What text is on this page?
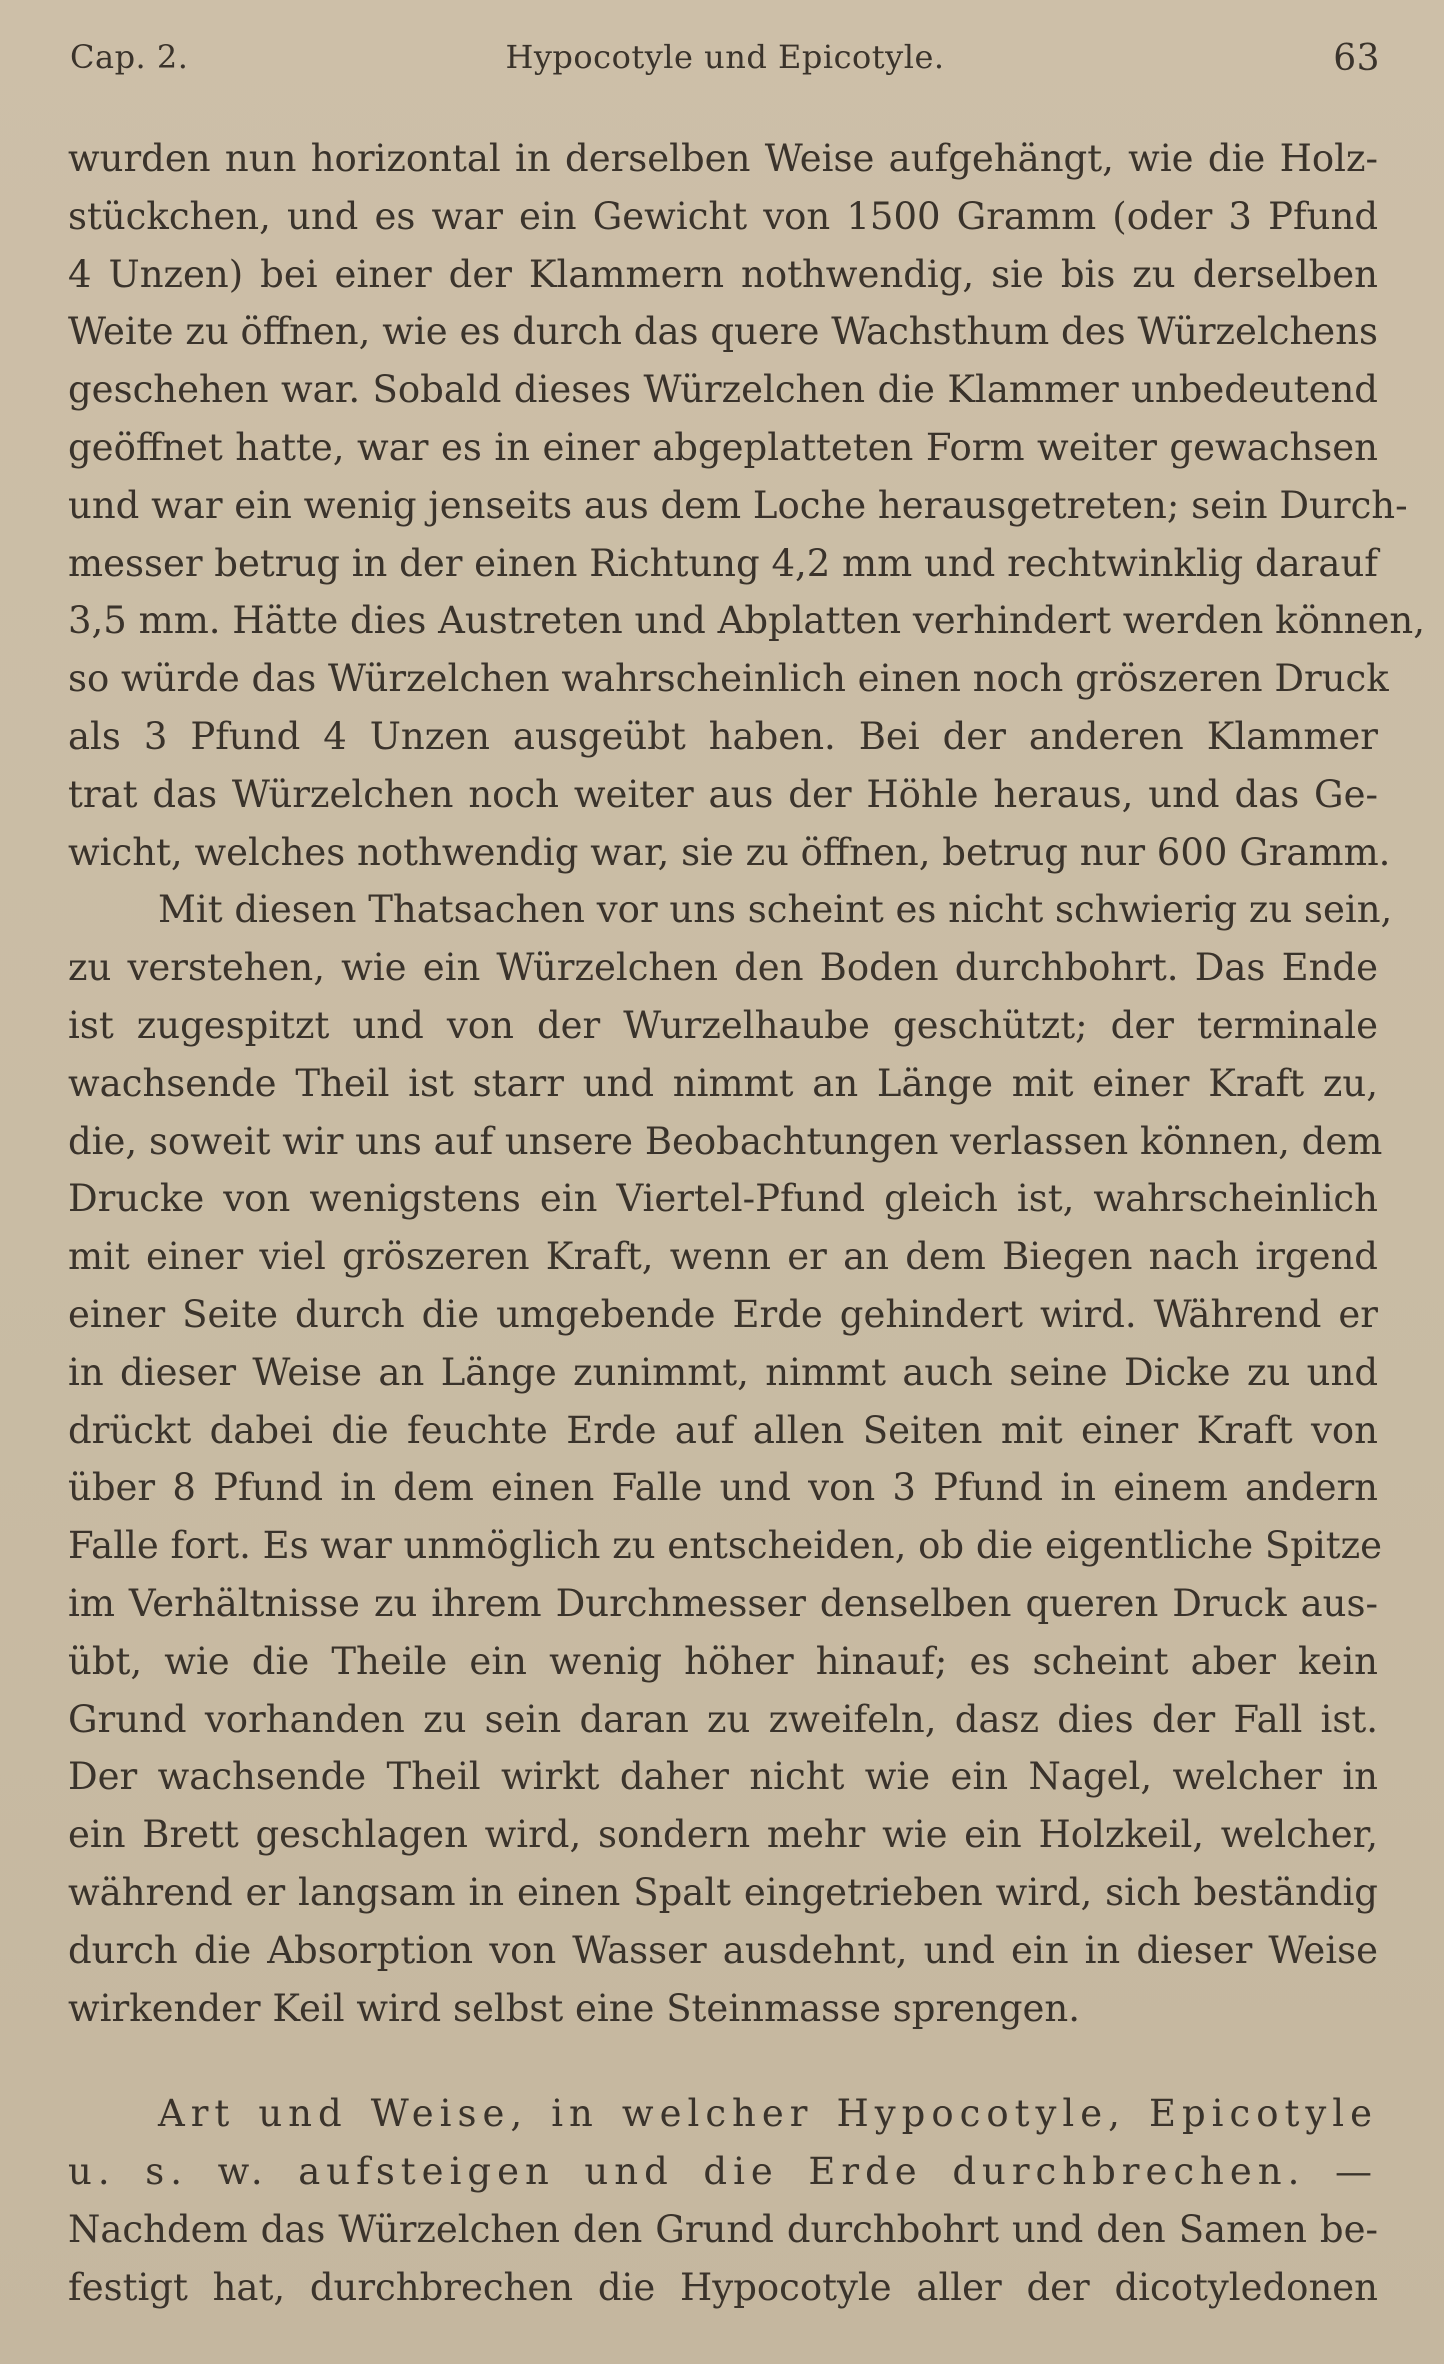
Cap. 2.	Hypocotyle und Epicotyle.	63
wurden nun horizontal in derselben Weise aufgehängt, wie die Holz-
stückchen, und es war ein Gewicht von 1500 Gramm (oder 3 Pfund
4 Unzen) bei einer der Klammern nothwendig, sie bis zu derselben
Weite zu öffnen, wie es durch das quere Wachsthum des Würzelchens
geschehen war. Sobald dieses Würzelchen die Klammer unbedeutend
geöffnet hatte, war es in einer abgeplatteten Form weiter gewachsen
und war ein wenig jenseits aus dem Loche herausgetreten; sein Durch-
messer betrug in der einen Richtung 4,2 mm und rechtwinklig darauf
3,5 mm. Hätte dies Austreten und Abplatten verhindert werden können,
so würde das Würzelchen wahrscheinlich einen noch gröszeren Druck
als 3 Pfund 4 Unzen ausgeübt haben. Bei der anderen Klammer
trat das Würzelchen noch weiter aus der Höhle heraus, und das Ge-
wicht, welches nothwendig war, sie zu öffnen, betrug nur 600 Gramm.
Mit diesen Thatsachen vor uns scheint es nicht schwierig zu sein,
zu verstehen, wie ein Würzelchen den Boden durchbohrt. Das Ende
ist zugespitzt und von der Wurzelhaube geschützt; der terminale
wachsende Theil ist starr und nimmt an Länge mit einer Kraft zu,
die, soweit wir uns auf unsere Beobachtungen verlassen können, dem
Drucke von wenigstens ein Viertel-Pfund gleich ist, wahrscheinlich
mit einer viel gröszeren Kraft, wenn er an dem Biegen nach irgend
einer Seite durch die umgebende Erde gehindert wird. Während er
in dieser Weise an Länge zunimmt, nimmt auch seine Dicke zu und
drückt dabei die feuchte Erde auf allen Seiten mit einer Kraft von
über 8 Pfund in dem einen Falle und von 3 Pfund in einem andern
Falle fort. Es war unmöglich zu entscheiden, ob die eigentliche Spitze
im Verhältnisse zu ihrem Durchmesser denselben queren Druck aus-
übt, wie die Theile ein wenig höher hinauf; es scheint aber kein
Grund vorhanden zu sein daran zu zweifeln, dasz dies der Fall ist.
Der wachsende Theil wirkt daher nicht wie ein Nagel, welcher in
ein Brett geschlagen wird, sondern mehr wie ein Holzkeil, welcher,
während er langsam in einen Spalt eingetrieben wird, sich beständig
durch die Absorption von Wasser ausdehnt, und ein in dieser Weise
wirkender Keil wird selbst eine Steinmasse sprengen.
Art und Weise, in welcher Hypocotyle, Epicotyle
u. s. w. aufsteigen und die Erde durchbrechen. —
Nachdem das Würzelchen den Grund durchbohrt und den Samen be-
festigt hat, durchbrechen die Hypocotyle aller der dicotyledonen
